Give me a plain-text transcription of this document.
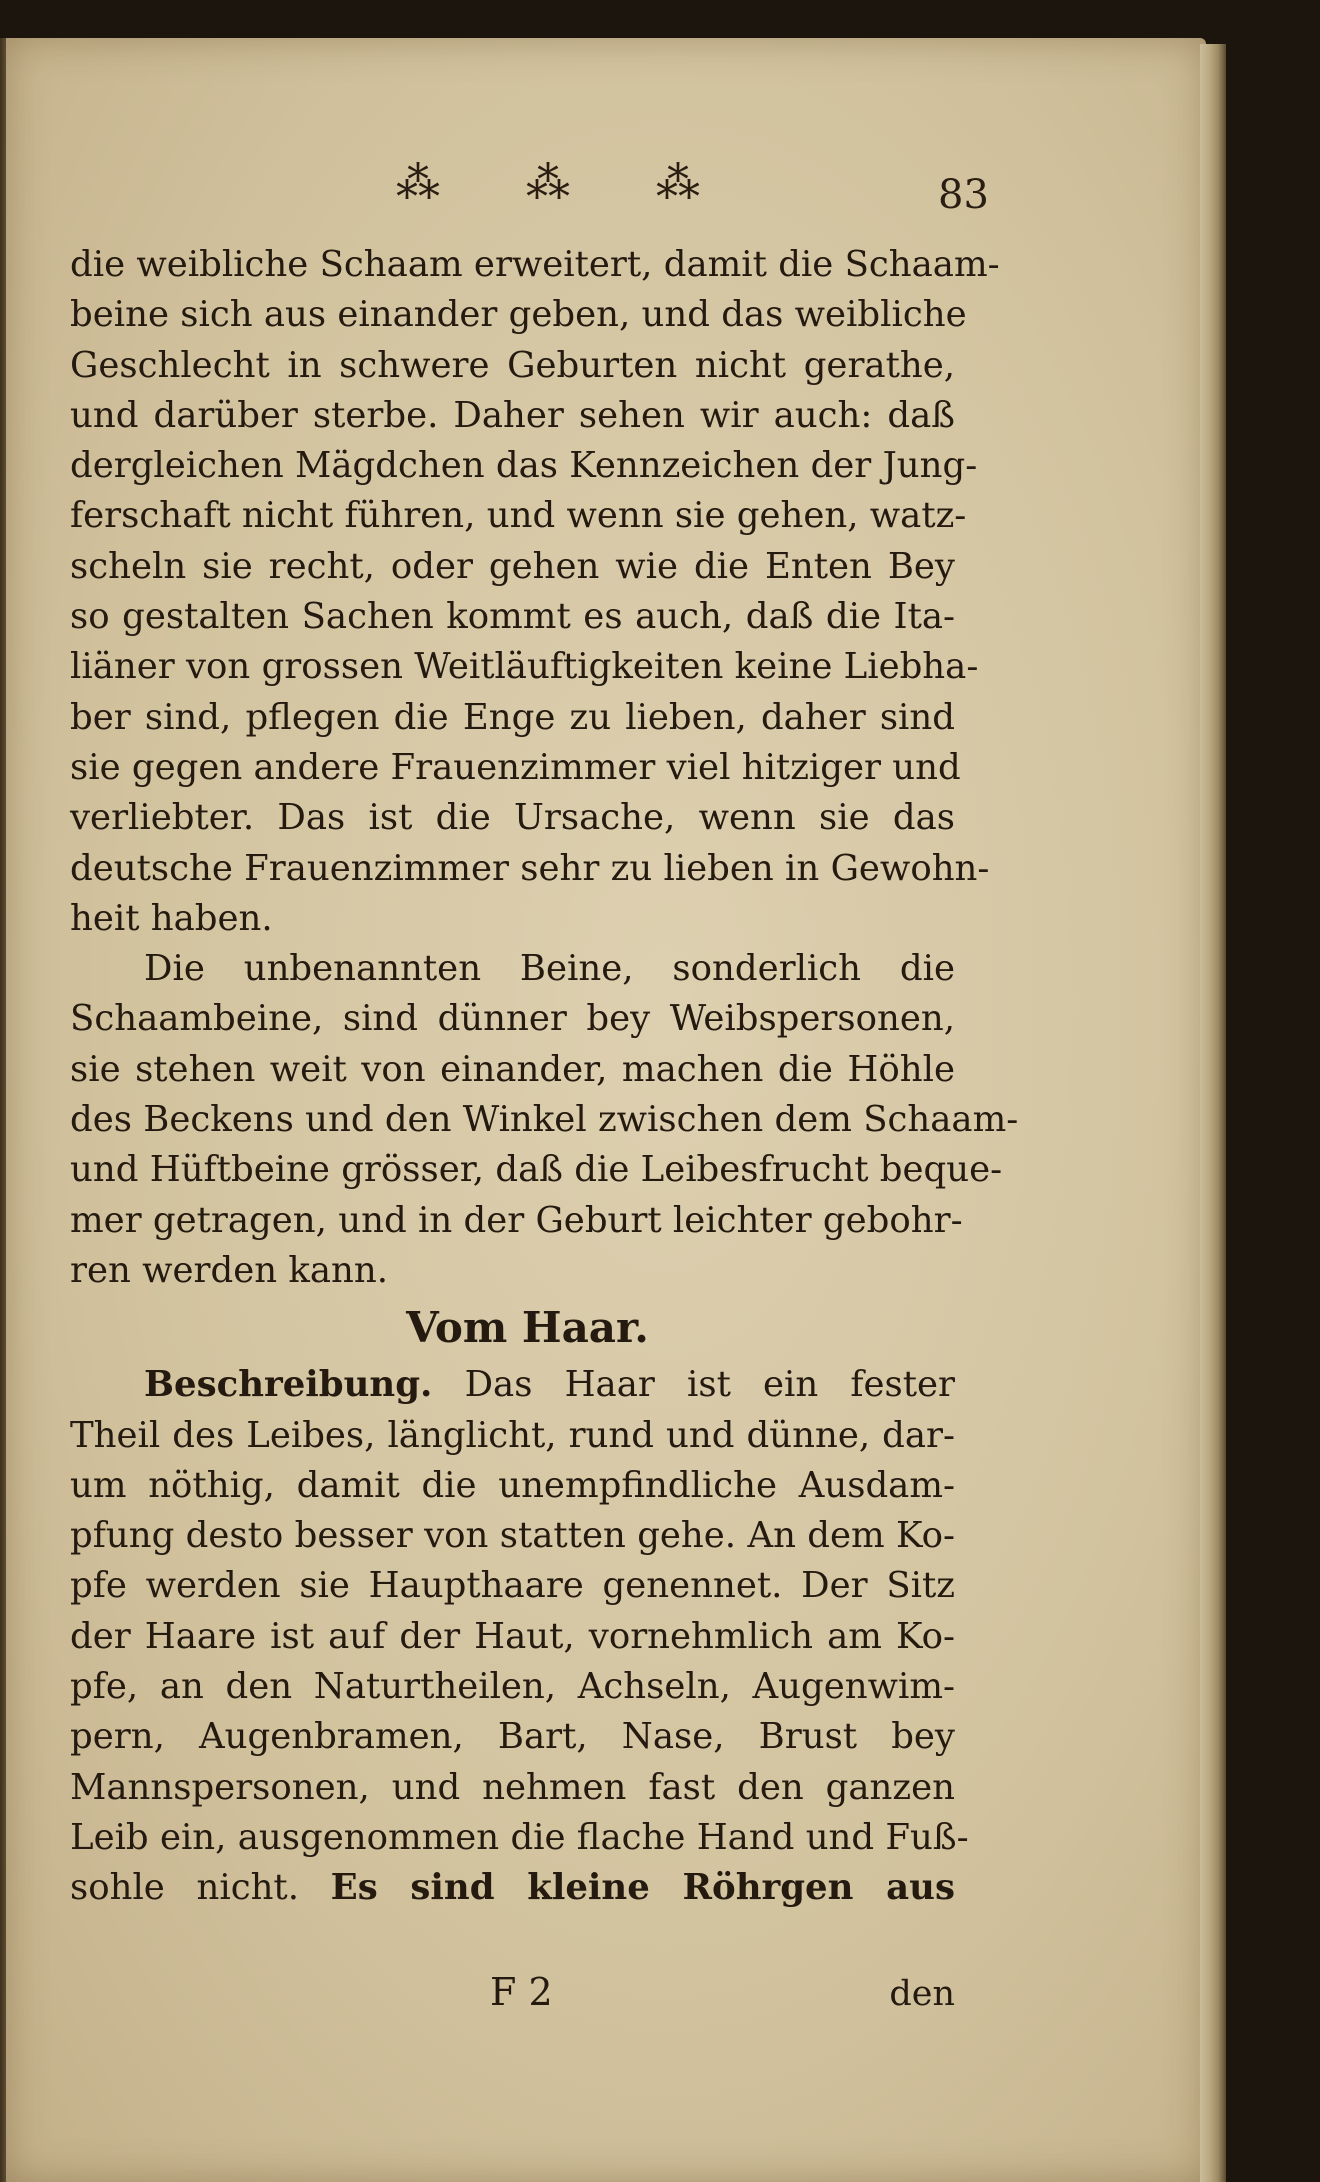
⁂ ⁂ ⁂	83
die weibliche Schaam erweitert, damit die Schaam-
beine sich aus einander geben, und das weibliche
Geschlecht in schwere Geburten nicht gerathe,
und darüber sterbe. Daher sehen wir auch: daß
dergleichen Mägdchen das Kennzeichen der Jung-
ferschaft nicht führen, und wenn sie gehen, watz-
scheln sie recht, oder gehen wie die Enten Bey
so gestalten Sachen kommt es auch, daß die Ita-
liäner von grossen Weitläuftigkeiten keine Liebha-
ber sind, pflegen die Enge zu lieben, daher sind
sie gegen andere Frauenzimmer viel hitziger und
verliebter. Das ist die Ursache, wenn sie das
deutsche Frauenzimmer sehr zu lieben in Gewohn-
heit haben.
Die unbenannten Beine, sonderlich die
Schaambeine, sind dünner bey Weibspersonen,
sie stehen weit von einander, machen die Höhle
des Beckens und den Winkel zwischen dem Schaam-
und Hüftbeine grösser, daß die Leibesfrucht beque-
mer getragen, und in der Geburt leichter gebohr-
ren werden kann.
Vom Haar.
Beschreibung. Das Haar ist ein fester
Theil des Leibes, länglicht, rund und dünne, dar-
um nöthig, damit die unempfindliche Ausdam-
pfung desto besser von statten gehe. An dem Ko-
pfe werden sie Haupthaare genennet. Der Sitz
der Haare ist auf der Haut, vornehmlich am Ko-
pfe, an den Naturtheilen, Achseln, Augenwim-
pern, Augenbramen, Bart, Nase, Brust bey
Mannspersonen, und nehmen fast den ganzen
Leib ein, ausgenommen die flache Hand und Fuß-
sohle nicht. Es sind kleine Röhrgen aus
F 2	den
